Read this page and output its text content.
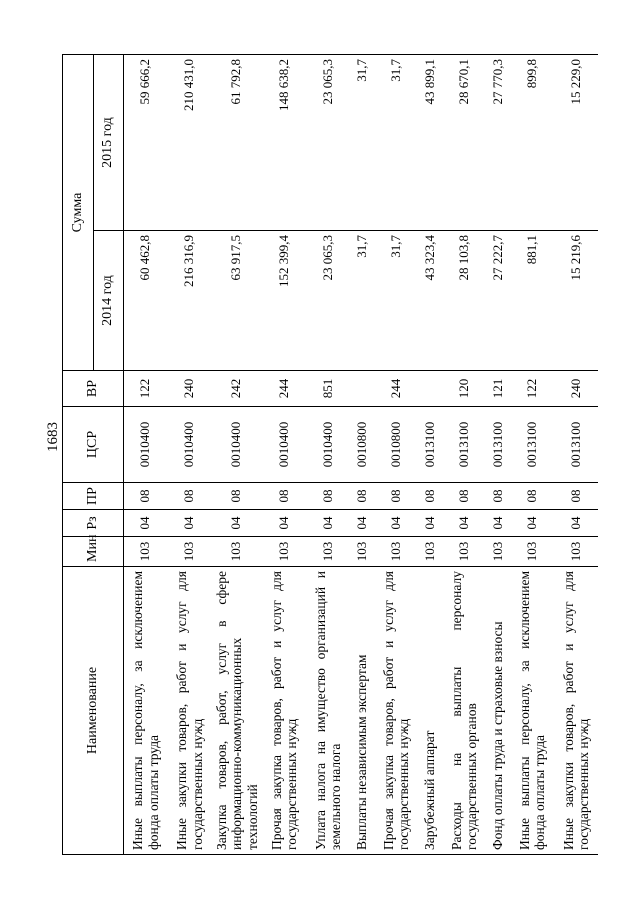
1683
Наименование	Мин	Рз	ПР	ЦСР	ВР	Сумма	
						2014 год	2015 год
Иные выплаты персоналу, за исключением фонда оплаты труда	103	04	08	0010400	122	60 462,8	59 666,2
Иные закупки товаров, работ и услуг для государственных нужд	103	04	08	0010400	240	216 316,9	210 431,0
Закупка товаров, работ, услуг в сфере информационно-коммуникационных технологий	103	04	08	0010400	242	63 917,5	61 792,8
Прочая закупка товаров, работ и услуг для государственных нужд	103	04	08	0010400	244	152 399,4	148 638,2
Уплата налога на имущество организаций и земельного налога	103	04	08	0010400	851	23 065,3	23 065,3
Выплаты независимым экспертам	103	04	08	0010800		31,7	31,7
Прочая закупка товаров, работ и услуг для государственных нужд	103	04	08	0010800	244	31,7	31,7
Зарубежный аппарат	103	04	08	0013100		43 323,4	43 899,1
Расходы на выплаты персоналу государственных органов	103	04	08	0013100	120	28 103,8	28 670,1
Фонд оплаты труда и страховые взносы	103	04	08	0013100	121	27 222,7	27 770,3
Иные выплаты персоналу, за исключением фонда оплаты труда	103	04	08	0013100	122	881,1	899,8
Иные закупки товаров, работ и услуг для государственных нужд	103	04	08	0013100	240	15 219,6	15 229,0
